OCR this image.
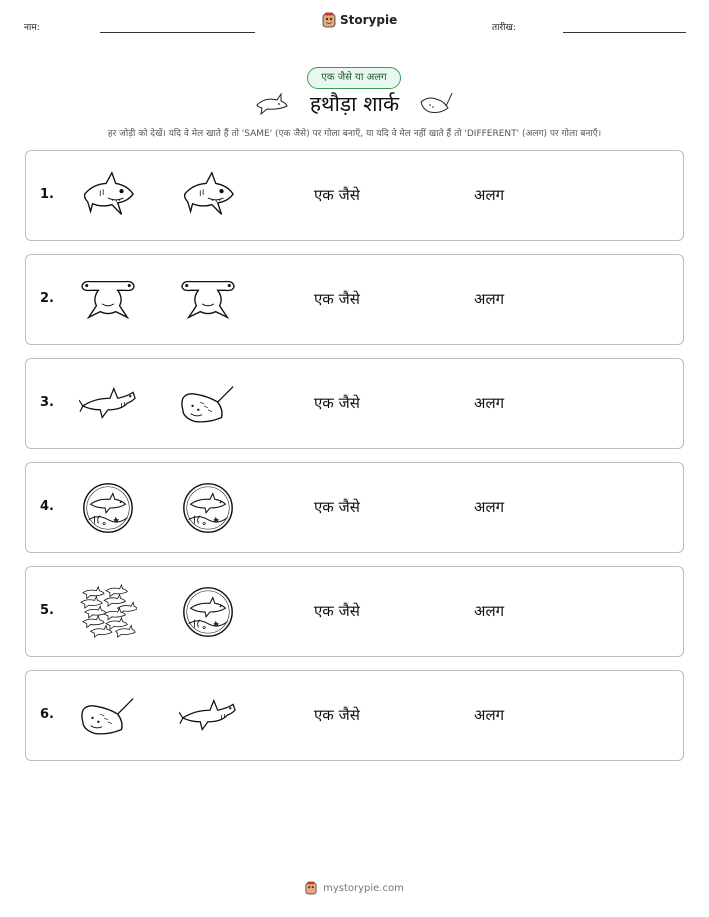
नाम:
Storypie
तारीख:
एक जैसे या अलग
हथौड़ा शार्क
हर जोड़ी को देखें। यदि वे मेल खाते हैं तो 'SAME' (एक जैसे) पर गोला बनाएँ, या यदि वे मेल नहीं खाते हैं तो 'DIFFERENT' (अलग) पर गोला बनाएँ।
1.	एक जैसे	अलग
2.	एक जैसे	अलग
3.	एक जैसे	अलग
4.	एक जैसे	अलग
5.	एक जैसे	अलग
6.	एक जैसे	अलग
mystorypie.com
